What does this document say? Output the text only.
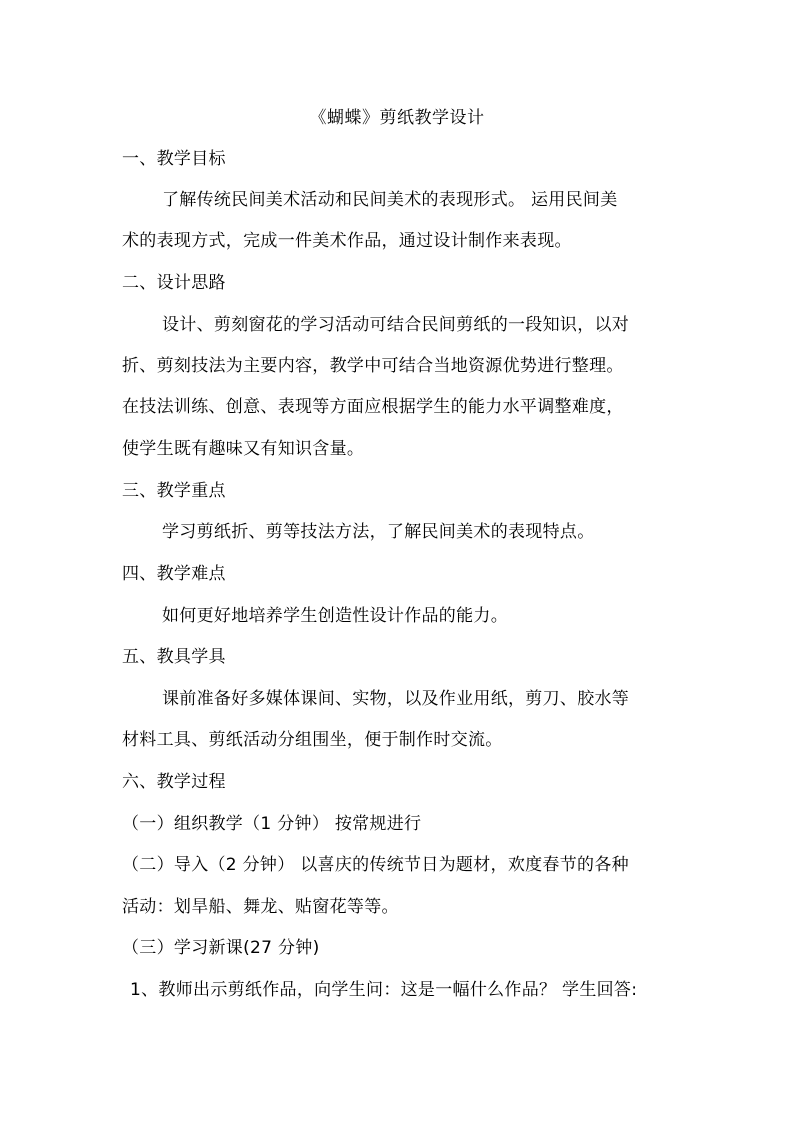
《蝴蝶》剪纸教学设计
一、教学目标
了解传统民间美术活动和民间美术的表现形式。 运用民间美
术的表现方式，完成一件美术作品，通过设计制作来表现。
二、设计思路
设计、剪刻窗花的学习活动可结合民间剪纸的一段知识，以对
折、剪刻技法为主要内容，教学中可结合当地资源优势进行整理。
在技法训练、创意、表现等方面应根据学生的能力水平调整难度，
使学生既有趣味又有知识含量。
三、教学重点
学习剪纸折、剪等技法方法，了解民间美术的表现特点。
四、教学难点
如何更好地培养学生创造性设计作品的能力。
五、教具学具
课前准备好多媒体课间、实物，以及作业用纸，剪刀、胶水等
材料工具、剪纸活动分组围坐，便于制作时交流。
六、教学过程
（一）组织教学（1 分钟） 按常规进行
（二）导入（2 分钟） 以喜庆的传统节日为题材，欢度春节的各种
活动：划旱船、舞龙、贴窗花等等。
（三）学习新课(27 分钟)
1、教师出示剪纸作品，向学生问：这是一幅什么作品？ 学生回答:
